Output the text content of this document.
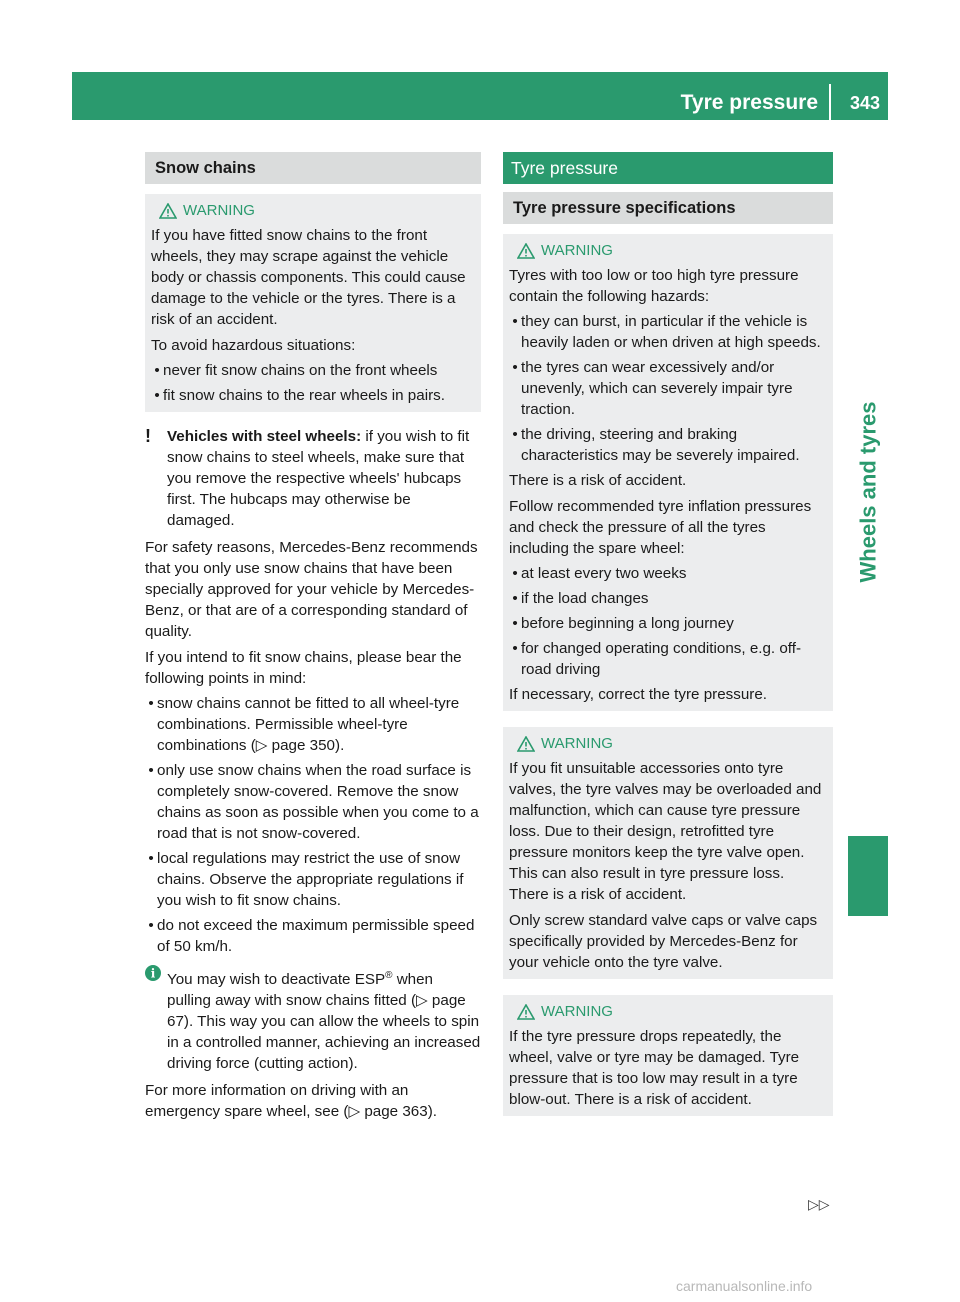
Tyre pressure 343
Wheels and tyres
Snow chains
WARNING

If you have fitted snow chains to the front wheels, they may scrape against the vehicle body or chassis components. This could cause damage to the vehicle or the tyres. There is a risk of an accident.

To avoid hazardous situations:

• never fit snow chains on the front wheels
• fit snow chains to the rear wheels in pairs.
!	Vehicles with steel wheels: if you wish to fit snow chains to steel wheels, make sure that you remove the respective wheels' hubcaps first. The hubcaps may otherwise be damaged.

For safety reasons, Mercedes-Benz recommends that you only use snow chains that have been specially approved for your vehicle by Mercedes-Benz, or that are of a corresponding standard of quality.

If you intend to fit snow chains, please bear the following points in mind:

• snow chains cannot be fitted to all wheel-tyre combinations. Permissible wheel-tyre combinations (▷ page 350).
• only use snow chains when the road surface is completely snow-covered. Remove the snow chains as soon as possible when you come to a road that is not snow-covered.
• local regulations may restrict the use of snow chains. Observe the appropriate regulations if you wish to fit snow chains.
• do not exceed the maximum permissible speed of 50 km/h.
i You may wish to deactivate ESP® when pulling away with snow chains fitted (▷ page 67). This way you can allow the wheels to spin in a controlled manner, achieving an increased driving force (cutting action).

For more information on driving with an emergency spare wheel, see (▷ page 363).

Tyre pressure
Tyre pressure specifications
WARNING

Tyres with too low or too high tyre pressure contain the following hazards:

• they can burst, in particular if the vehicle is heavily laden or when driven at high speeds.
• the tyres can wear excessively and/or unevenly, which can severely impair tyre traction.
• the driving, steering and braking characteristics may be severely impaired.

There is a risk of accident.

Follow recommended tyre inflation pressures and check the pressure of all the tyres including the spare wheel:

• at least every two weeks
• if the load changes
• before beginning a long journey
• for changed operating conditions, e.g. off-road driving

If necessary, correct the tyre pressure.

WARNING

If you fit unsuitable accessories onto tyre valves, the tyre valves may be overloaded and malfunction, which can cause tyre pressure loss. Due to their design, retrofitted tyre pressure monitors keep the tyre valve open. This can also result in tyre pressure loss. There is a risk of accident.

Only screw standard valve caps or valve caps specifically provided by Mercedes-Benz for your vehicle onto the tyre valve.

WARNING

If the tyre pressure drops repeatedly, the wheel, valve or tyre may be damaged. Tyre pressure that is too low may result in a tyre blow-out. There is a risk of accident.

▷▷
carmanualsonline.info
